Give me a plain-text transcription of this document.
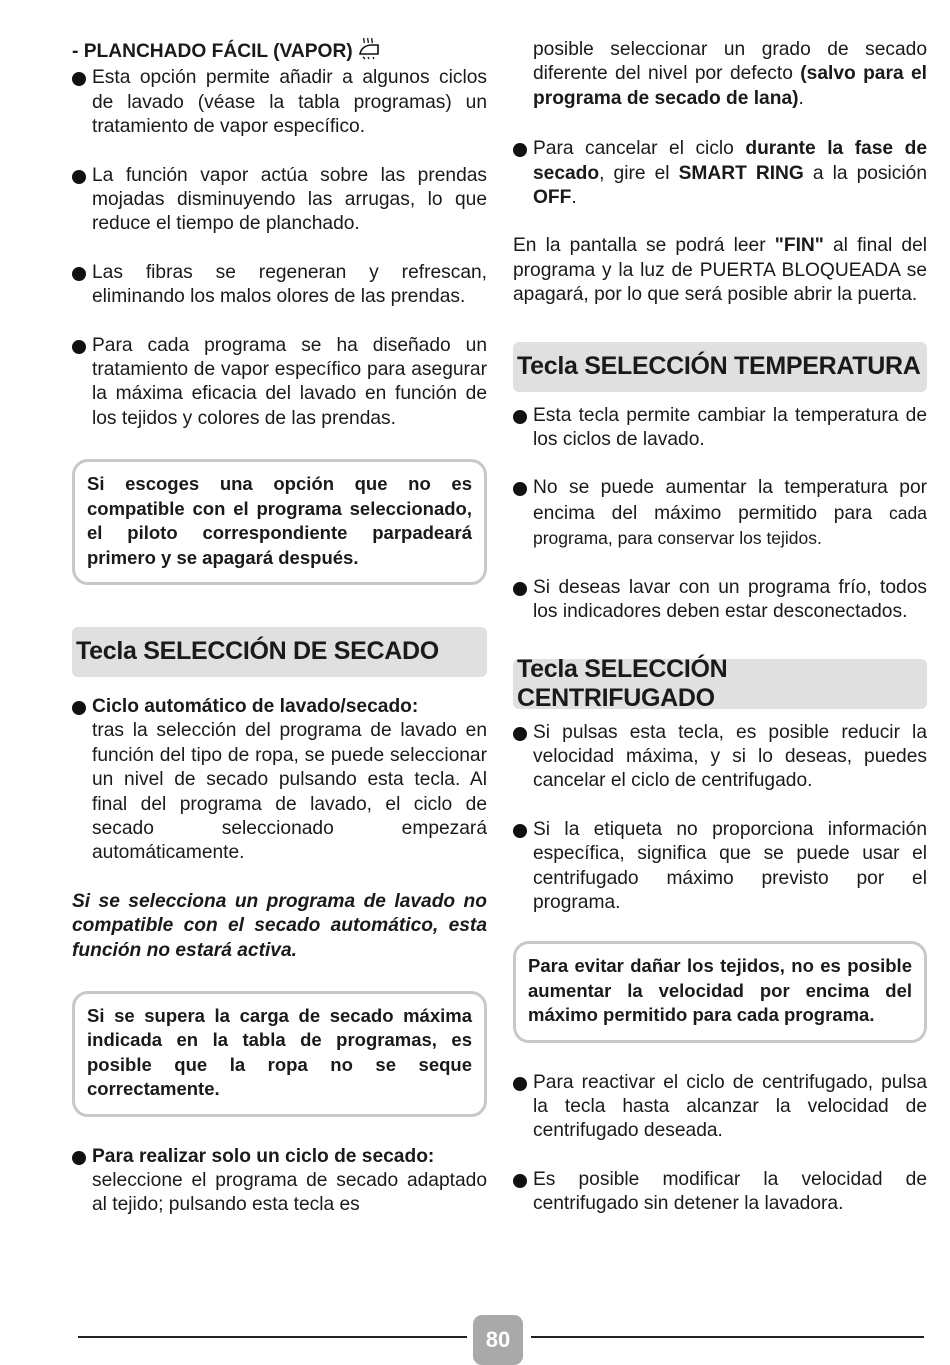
- PLANCHADO FÁCIL (VAPOR)

Esta opción permite añadir a algunos ciclos de lavado (véase la tabla programas) un tratamiento de vapor específico.
La función vapor actúa sobre las prendas mojadas disminuyendo las arrugas, lo que reduce el tiempo de planchado.
Las fibras se regeneran y refrescan, eliminando los malos olores de las prendas.
Para cada programa se ha diseñado un tratamiento de vapor específico para asegurar la máxima eficacia del lavado en función de los tejidos y colores de las prendas.
Si escoges una opción que no es compatible con el programa seleccionado, el piloto correspondiente parpadeará primero y se apagará después.
Tecla SELECCIÓN DE SECADO
Ciclo automático de lavado/secado:
tras la selección del programa de lavado en función del tipo de ropa, se puede seleccionar un nivel de secado pulsando esta tecla. Al final del programa de lavado, el ciclo de secado seleccionado empezará automáticamente.

Si se selecciona un programa de lavado no compatible con el secado automático, esta función no estará activa.

Si se supera la carga de secado máxima indicada en la tabla de programas, es posible que la ropa no se seque correctamente.
Para realizar solo un ciclo de secado:
seleccione el programa de secado adaptado al tejido; pulsando esta tecla es

posible seleccionar un grado de secado diferente del nivel por defecto (salvo para el programa de secado de lana).

Para cancelar el ciclo durante la fase de secado, gire el SMART RING a la posición OFF.

En la pantalla se podrá leer "FIN" al final del programa y la luz de PUERTA BLOQUEADA se apagará, por lo que será posible abrir la puerta.

Tecla SELECCIÓN TEMPERATURA
Esta tecla permite cambiar la temperatura de los ciclos de lavado.
No se puede aumentar la temperatura por encima del máximo permitido para cada programa, para conservar los tejidos.
Si deseas lavar con un programa frío, todos los indicadores deben estar desconectados.
Tecla SELECCIÓN CENTRIFUGADO
Si pulsas esta tecla, es posible reducir la velocidad máxima, y si lo deseas, puedes cancelar el ciclo de centrifugado.
Si la etiqueta no proporciona información específica, significa que se puede usar el centrifugado máximo previsto por el programa.
Para evitar dañar los tejidos, no es posible aumentar la velocidad por encima del máximo permitido para cada programa.
Para reactivar el ciclo de centrifugado, pulsa la tecla hasta alcanzar la velocidad de centrifugado deseada.
Es posible modificar la velocidad de centrifugado sin detener la lavadora.
80
